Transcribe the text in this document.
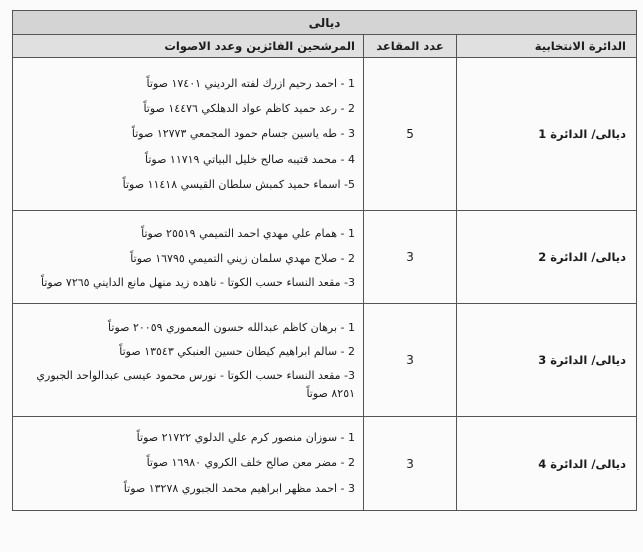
ديالى		
الدائرة الانتخابية	عدد المقاعد	المرشحين الفائزين وعدد الاصوات
ديالى/ الدائرة 1	5	1 - احمد رحيم ازرك لفته الرديني ١٧٤٠١ صوتاً
2 - رعد حميد كاظم عواد الدهلكي ١٤٤٧٦ صوتاً
3 - طه ياسين جسام حمود المجمعي ١٢٧٧٣ صوتاً
4 - محمد قتيبه صالح خليل البياتي ١١٧١٩ صوتاً
5- اسماء حميد كمبش سلطان القيسي ١١٤١٨ صوتاً

ديالى/ الدائرة 2	3	1 - همام علي مهدي احمد التميمي ٢٥٥١٩ صوتاً
2 - صلاح مهدي سلمان زيني التميمي ١٦٧٩٥ صوتاً
3- مقعد النساء حسب الكوتا - ناهده زيد منهل مانع الدايني ٧٢٦٥ صوتاً

ديالى/ الدائرة 3	3	1 - برهان كاظم عبدالله حسون المعموري ٢٠٠٥٩ صوتاً
2 - سالم ابراهيم كيطان حسين العنبكي ١٣٥٤٣ صوتاً
3- مقعد النساء حسب الكوتا - نورس محمود عيسى عبدالواحد الجبوري ٨٢٥١ صوتاً

ديالى/ الدائرة 4	3	1 - سوزان منصور كرم علي الدلوي ٢١٧٢٢ صوتاً
2 - مضر معن صالح خلف الكروي ١٦٩٨٠ صوتاً
3 - احمد مظهر ابراهيم محمد الجبوري ١٣٢٧٨ صوتاً
